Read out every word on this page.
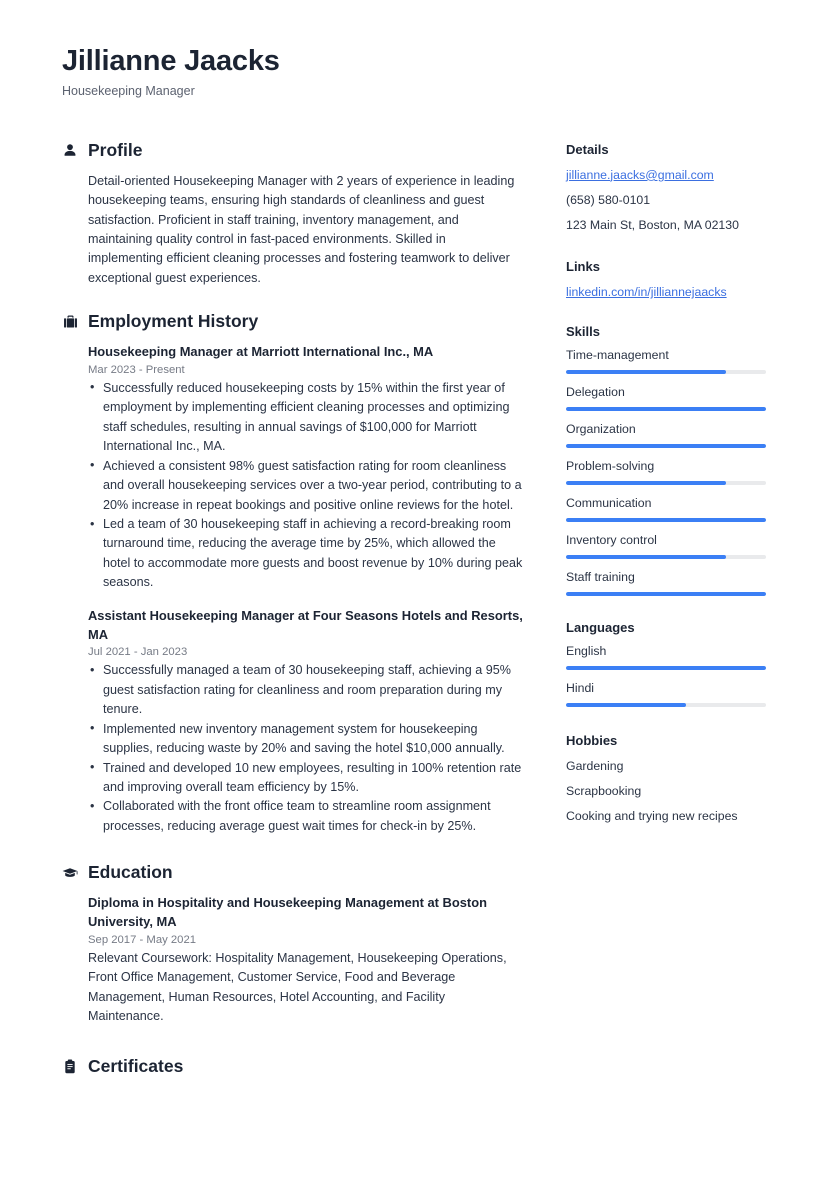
Jillianne Jaacks
Housekeeping Manager
Profile
Detail-oriented Housekeeping Manager with 2 years of experience in leading housekeeping teams, ensuring high standards of cleanliness and guest satisfaction. Proficient in staff training, inventory management, and maintaining quality control in fast-paced environments. Skilled in implementing efficient cleaning processes and fostering teamwork to deliver exceptional guest experiences.
Employment History
Housekeeping Manager at Marriott International Inc., MA
Mar 2023 - Present
• Successfully reduced housekeeping costs by 15% within the first year of employment by implementing efficient cleaning processes and optimizing staff schedules, resulting in annual savings of $100,000 for Marriott International Inc., MA.
• Achieved a consistent 98% guest satisfaction rating for room cleanliness and overall housekeeping services over a two-year period, contributing to a 20% increase in repeat bookings and positive online reviews for the hotel.
• Led a team of 30 housekeeping staff in achieving a record-breaking room turnaround time, reducing the average time by 25%, which allowed the hotel to accommodate more guests and boost revenue by 10% during peak seasons.
Assistant Housekeeping Manager at Four Seasons Hotels and Resorts, MA
Jul 2021 - Jan 2023
• Successfully managed a team of 30 housekeeping staff, achieving a 95% guest satisfaction rating for cleanliness and room preparation during my tenure.
• Implemented new inventory management system for housekeeping supplies, reducing waste by 20% and saving the hotel $10,000 annually.
• Trained and developed 10 new employees, resulting in 100% retention rate and improving overall team efficiency by 15%.
• Collaborated with the front office team to streamline room assignment processes, reducing average guest wait times for check-in by 25%.
Education
Diploma in Hospitality and Housekeeping Management at Boston University, MA
Sep 2017 - May 2021
Relevant Coursework: Hospitality Management, Housekeeping Operations, Front Office Management, Customer Service, Food and Beverage Management, Human Resources, Hotel Accounting, and Facility Maintenance.
Certificates
Details
jillianne.jaacks@gmail.com
(658) 580-0101
123 Main St, Boston, MA 02130
Links
linkedin.com/in/jilliannejaacks
Skills
Time-management
Delegation
Organization
Problem-solving
Communication
Inventory control
Staff training
Languages
English
Hindi
Hobbies
Gardening
Scrapbooking
Cooking and trying new recipes
